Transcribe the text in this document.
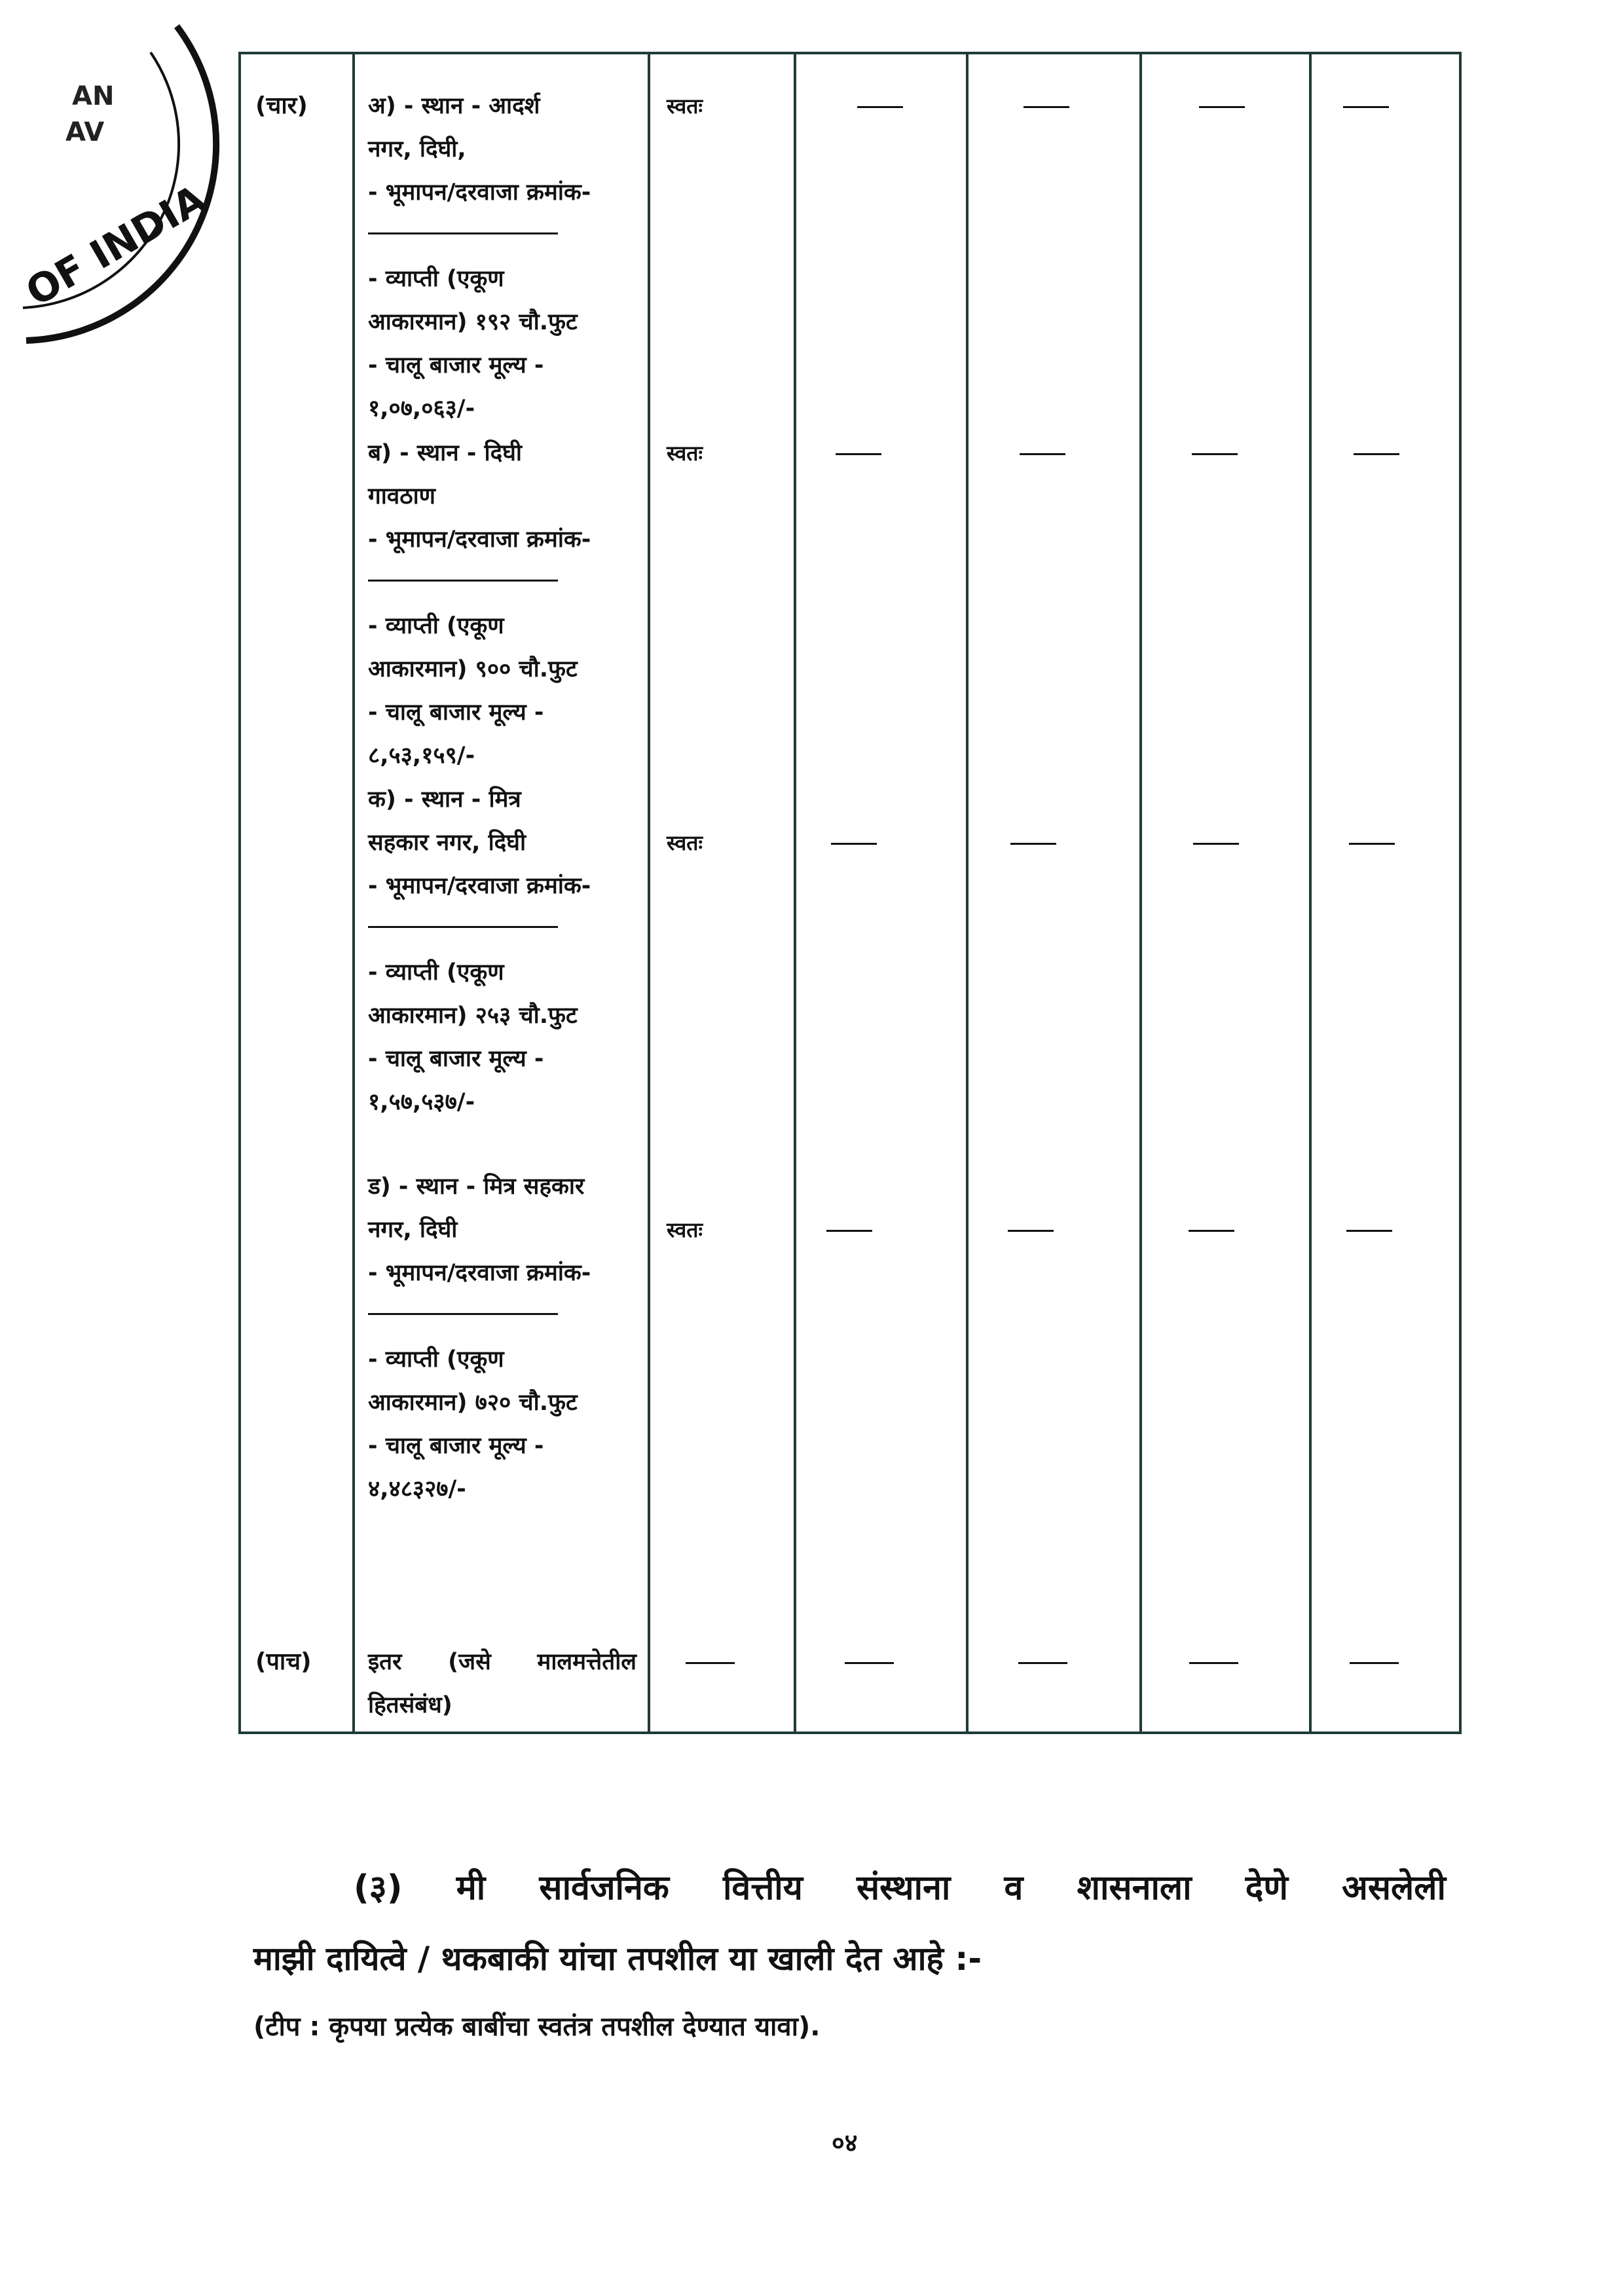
OF INDIA
AN
AV
(चार)	अ) - स्थान - आदर्श
नगर, दिघी,
- भूमापन/दरवाजा क्रमांक-
- व्याप्ती (एकूण
आकारमान) १९२ चौ.फुट
- चालू बाजार मूल्य -
१,०७,०६३/-
स्वतः
ब) - स्थान - दिघी
गावठाण
- भूमापन/दरवाजा क्रमांक-
- व्याप्ती (एकूण
आकारमान) ९०० चौ.फुट
- चालू बाजार मूल्य -
८,५३,१५९/-
स्वतः
क) - स्थान - मित्र
सहकार नगर, दिघी
- भूमापन/दरवाजा क्रमांक-
- व्याप्ती (एकूण
आकारमान) २५३ चौ.फुट
- चालू बाजार मूल्य -
१,५७,५३७/-
स्वतः
ड) - स्थान - मित्र सहकार
नगर, दिघी
- भूमापन/दरवाजा क्रमांक-
- व्याप्ती (एकूण
आकारमान) ७२० चौ.फुट
- चालू बाजार मूल्य -
४,४८३२७/-
स्वतः
(पाच) इतर (जसे मालमत्तेतील
हितसंबंध)
(३) मी सार्वजनिक वित्तीय संस्थाना व शासनाला देणे असलेली
माझी दायित्वे / थकबाकी यांचा तपशील या खाली देत आहे :-
(टीप : कृपया प्रत्येक बाबींचा स्वतंत्र तपशील देण्यात यावा).
०४
